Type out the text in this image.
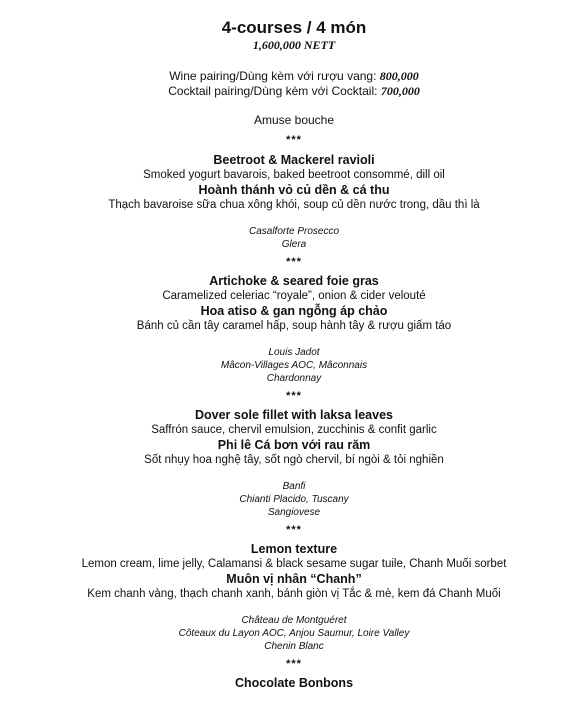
4-courses / 4 món

1,600,000 NETT

Wine pairing/Dùng kèm với rượu vang: 800,000

Cocktail pairing/Dùng kèm với Cocktail: 700,000

Amuse bouche

***

Beetroot & Mackerel ravioli

Smoked yogurt bavarois, baked beetroot consommé, dill oil

Hoành thánh vỏ củ dền & cá thu

Thạch bavaroise sữa chua xông khói, soup củ dền nước trong, dầu thì là

Casalforte Prosecco

Glera

***

Artichoke & seared foie gras

Caramelized celeriac “royale”, onion & cider velouté

Hoa atiso & gan ngỗng áp chảo

Bánh củ cần tây caramel hấp, soup hành tây & rượu giấm táo

Louis Jadot

Mâcon-Villages AOC, Mâconnais

Chardonnay

***

Dover sole fillet with laksa leaves

Saffrón sauce, chervil emulsion, zucchinis & confit garlic

Phi lê Cá bơn với rau răm

Sốt nhụy hoa nghệ tây, sốt ngò chervil, bí ngòi & tỏi nghiền

Banfi

Chianti Placido, Tuscany

Sangiovese

***

Lemon texture

Lemon cream, lime jelly, Calamansi & black sesame sugar tuile, Chanh Muối sorbet

Muôn vị nhân “Chanh”

Kem chanh vàng, thạch chanh xanh, bánh giòn vị Tắc & mè, kem đá Chanh Muối

Château de Montguéret

Côteaux du Layon AOC, Anjou Saumur, Loire Valley

Chenin Blanc

***

Chocolate Bonbons
